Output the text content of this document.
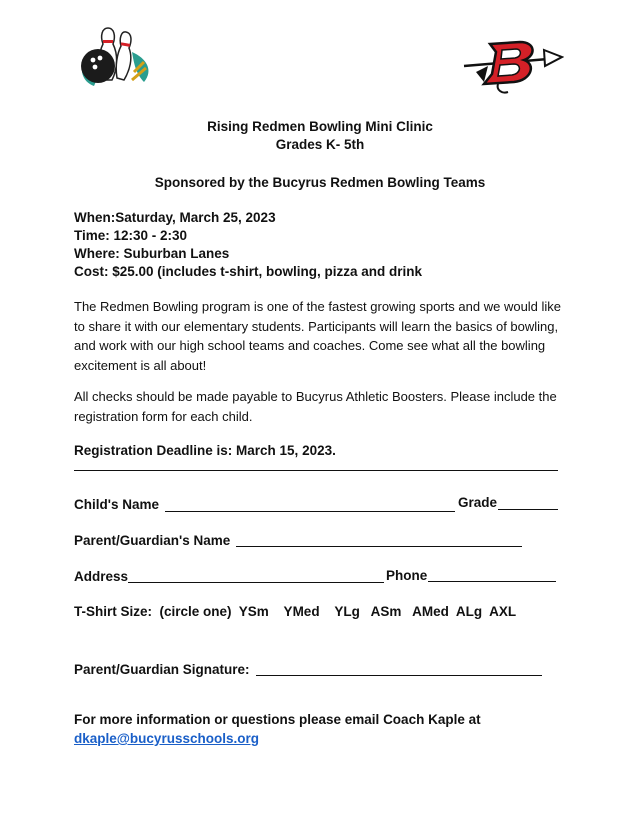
Rising Redmen Bowling Mini Clinic
Grades K- 5th
Sponsored by the Bucyrus Redmen Bowling Teams
When:Saturday, March 25, 2023
Time: 12:30 - 2:30
Where: Suburban Lanes
Cost: $25.00 (includes t-shirt, bowling, pizza and drink
The Redmen Bowling program is one of the fastest growing sports and we would like to share it with our elementary students. Participants will learn the basics of bowling, and work with our high school teams and coaches. Come see what all the bowling excitement is all about!
All checks should be made payable to Bucyrus Athletic Boosters. Please include the registration form for each child.
Registration Deadline is: March 15, 2023.
Child's Name	Grade
Parent/Guardian's Name
Address	Phone
T-Shirt Size:  (circle one)  YSm    YMed    YLg   ASm   AMed  ALg  AXL
Parent/Guardian Signature:
For more information or questions please email Coach Kaple at
dkaple@bucyrusschools.org
